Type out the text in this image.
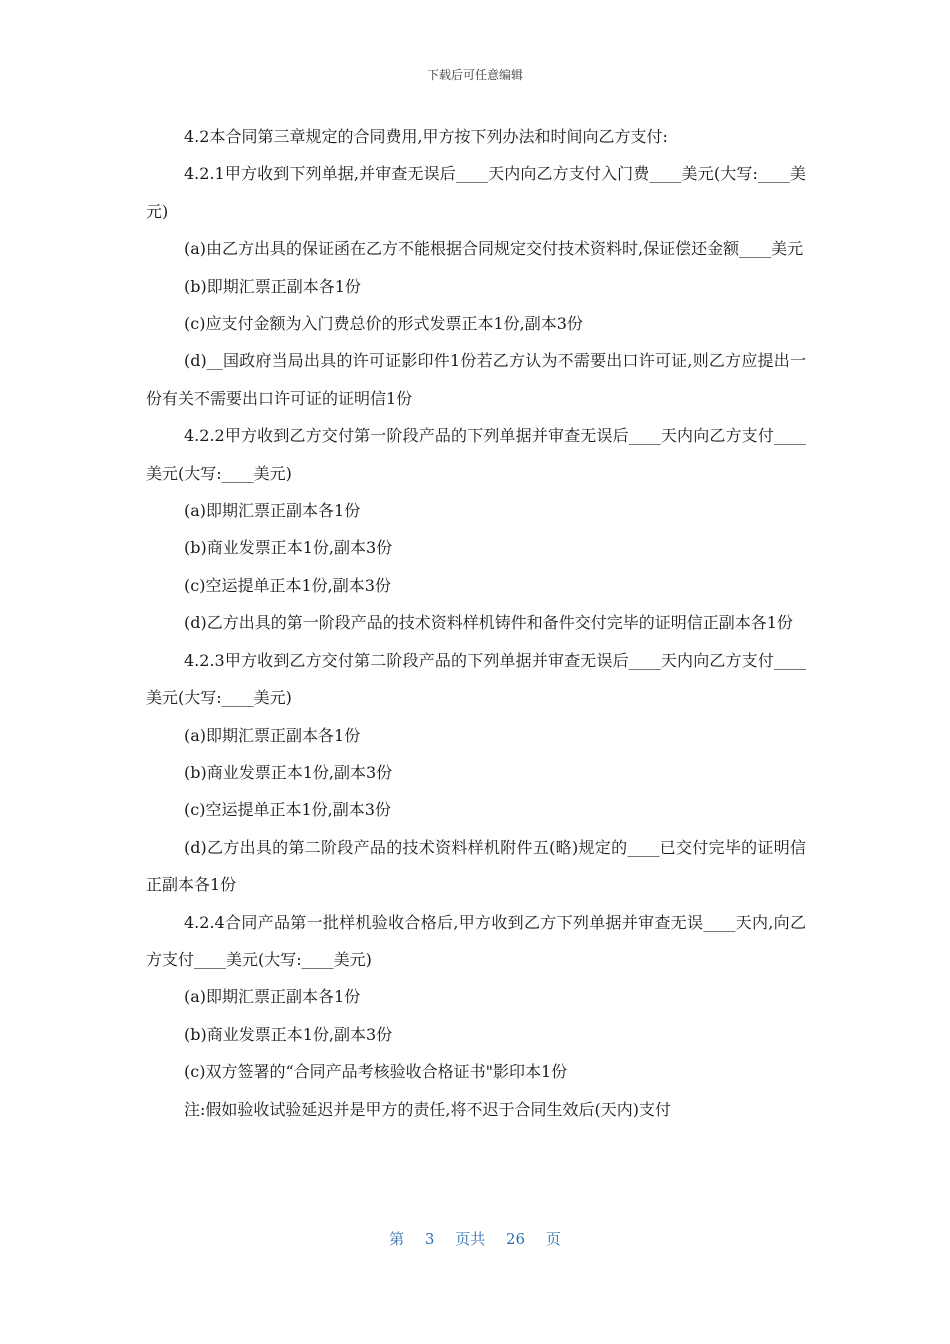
下载后可任意编辑

4.2本合同第三章规定的合同费用,甲方按下列办法和时间向乙方支付:

4.2.1甲方收到下列单据,并审查无误后____天内向乙方支付入门费____美元(大写:____美元)

(a)由乙方出具的保证函在乙方不能根据合同规定交付技术资料时,保证偿还金额____美元

(b)即期汇票正副本各1份

(c)应支付金额为入门费总价的形式发票正本1份,副本3份

(d)__国政府当局出具的许可证影印件1份若乙方认为不需要出口许可证,则乙方应提出一份有关不需要出口许可证的证明信1份

4.2.2甲方收到乙方交付第一阶段产品的下列单据并审查无误后____天内向乙方支付____美元(大写:____美元)

(a)即期汇票正副本各1份

(b)商业发票正本1份,副本3份

(c)空运提单正本1份,副本3份

(d)乙方出具的第一阶段产品的技术资料样机铸件和备件交付完毕的证明信正副本各1份

4.2.3甲方收到乙方交付第二阶段产品的下列单据并审查无误后____天内向乙方支付____美元(大写:____美元)

(a)即期汇票正副本各1份

(b)商业发票正本1份,副本3份

(c)空运提单正本1份,副本3份

(d)乙方出具的第二阶段产品的技术资料样机附件五(略)规定的____已交付完毕的证明信正副本各1份

4.2.4合同产品第一批样机验收合格后,甲方收到乙方下列单据并审查无误____天内,向乙方支付____美元(大写:____美元)

(a)即期汇票正副本各1份

(b)商业发票正本1份,副本3份

(c)双方签署的“合同产品考核验收合格证书"影印本1份

注:假如验收试验延迟并是甲方的责任,将不迟于合同生效后(天内)支付

第 3 页共 26 页
